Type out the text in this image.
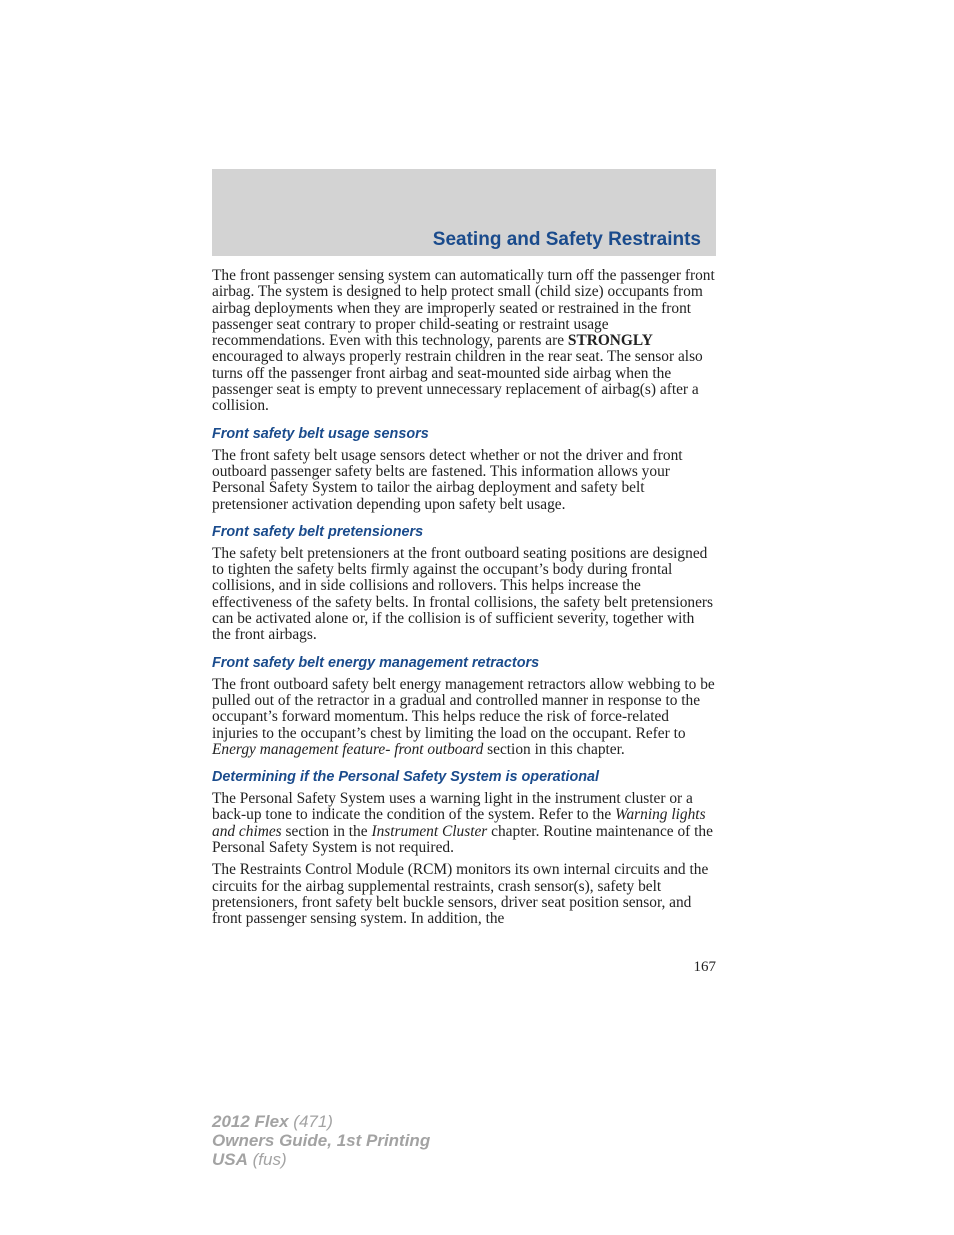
Seating and Safety Restraints

The front passenger sensing system can automatically turn off the passenger front airbag. The system is designed to help protect small (child size) occupants from airbag deployments when they are improperly seated or restrained in the front passenger seat contrary to proper child-seating or restraint usage recommendations. Even with this technology, parents are STRONGLY encouraged to always properly restrain children in the rear seat. The sensor also turns off the passenger front airbag and seat-mounted side airbag when the passenger seat is empty to prevent unnecessary replacement of airbag(s) after a collision.

Front safety belt usage sensors

The front safety belt usage sensors detect whether or not the driver and front outboard passenger safety belts are fastened. This information allows your Personal Safety System to tailor the airbag deployment and safety belt pretensioner activation depending upon safety belt usage.

Front safety belt pretensioners

The safety belt pretensioners at the front outboard seating positions are designed to tighten the safety belts firmly against the occupant’s body during frontal collisions, and in side collisions and rollovers. This helps increase the effectiveness of the safety belts. In frontal collisions, the safety belt pretensioners can be activated alone or, if the collision is of sufficient severity, together with the front airbags.

Front safety belt energy management retractors

The front outboard safety belt energy management retractors allow webbing to be pulled out of the retractor in a gradual and controlled manner in response to the occupant’s forward momentum. This helps reduce the risk of force-related injuries to the occupant’s chest by limiting the load on the occupant. Refer to Energy management feature- front outboard section in this chapter.

Determining if the Personal Safety System is operational

The Personal Safety System uses a warning light in the instrument cluster or a back-up tone to indicate the condition of the system. Refer to the Warning lights and chimes section in the Instrument Cluster chapter. Routine maintenance of the Personal Safety System is not required.

The Restraints Control Module (RCM) monitors its own internal circuits and the circuits for the airbag supplemental restraints, crash sensor(s), safety belt pretensioners, front safety belt buckle sensors, driver seat position sensor, and front passenger sensing system. In addition, the

167
2012 Flex (471)
Owners Guide, 1st Printing
USA (fus)
